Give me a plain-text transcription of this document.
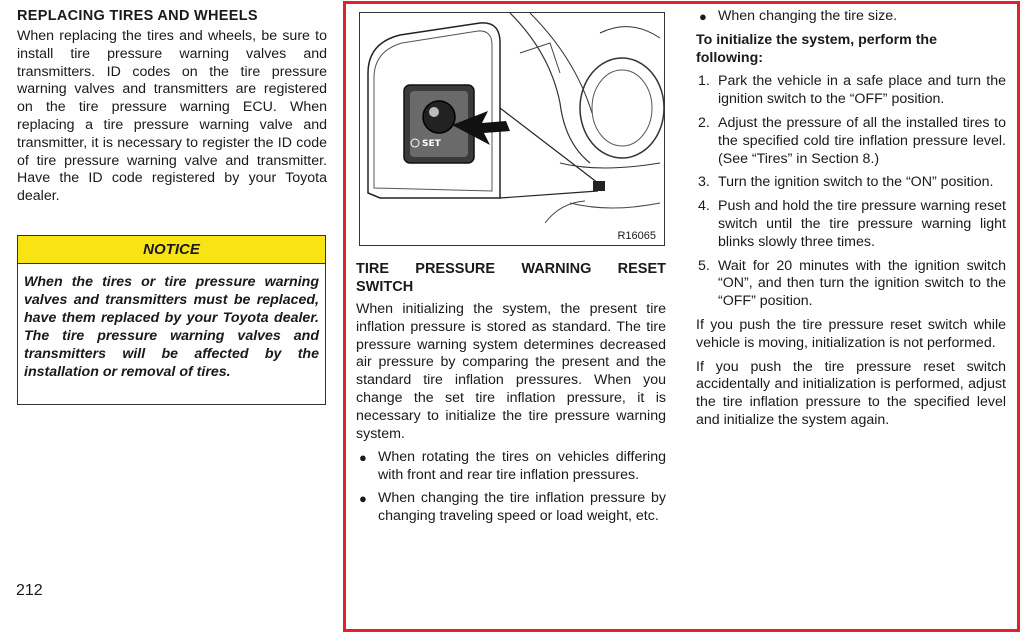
REPLACING TIRES AND WHEELS

When replacing the tires and wheels, be sure to install tire pressure warning valves and transmitters. ID codes on the tire pressure warning valves and transmitters are registered on the tire pressure warning ECU. When replacing a tire pressure warning valve and transmitter, it is necessary to register the ID code of tire pressure warning valve and transmitter. Have the ID code registered by your Toyota dealer.

NOTICE
When the tires or tire pressure warning valves and transmitters must be replaced, have them replaced by your Toyota dealer. The tire pressure warning valves and transmitters will be affected by the installation or removal of tires.
212
SET
R16065
TIRE PRESSURE WARNING RESET
SWITCH

When initializing the system, the present tire inflation pressure is stored as standard. The tire pressure warning system determines decreased air pressure by comparing the present and the standard tire inflation pressures. When you change the set tire inflation pressure, it is necessary to initialize the tire pressure warning system.

● When rotating the tires on vehicles differing with front and rear tire inflation pressures.
● When changing the tire inflation pressure by changing traveling speed or load weight, etc.
● When changing the tire size.
To initialize the system, perform the following:
1. Park the vehicle in a safe place and turn the ignition switch to the “OFF” position.
2. Adjust the pressure of all the installed tires to the specified cold tire inflation pressure level. (See “Tires” in Section 8.)
3. Turn the ignition switch to the “ON” position.
4. Push and hold the tire pressure warning reset switch until the tire pressure warning light blinks slowly three times.
5. Wait for 20 minutes with the ignition switch “ON”, and then turn the ignition switch to the “OFF” position.

If you push the tire pressure reset switch while vehicle is moving, initialization is not performed.

If you push the tire pressure reset switch accidentally and initialization is performed, adjust the tire inflation pressure to the specified level and initialize the system again.
